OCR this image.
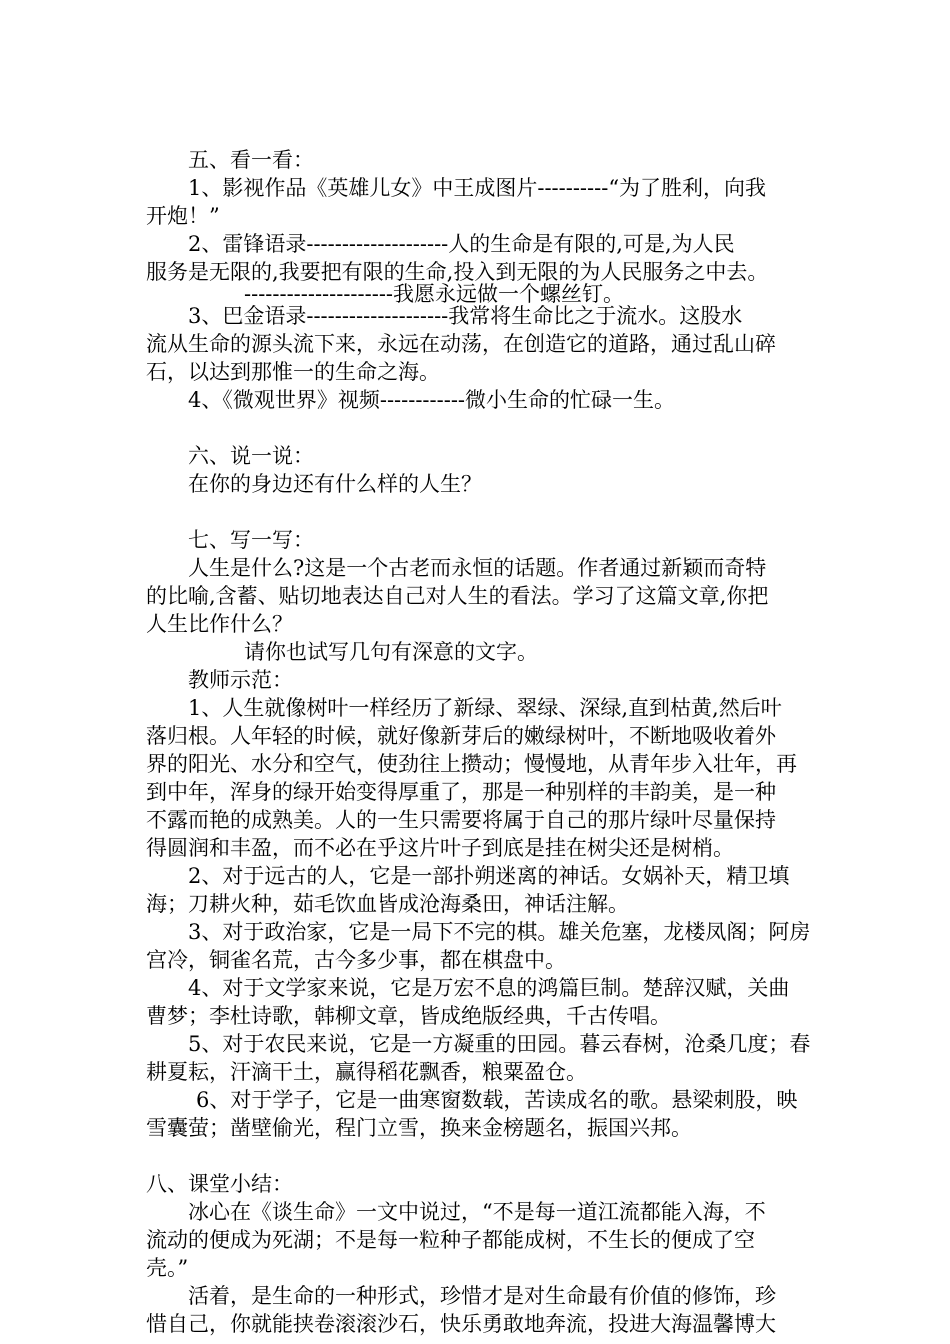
五、看一看：
1、影视作品《英雄儿女》中王成图片----------“为了胜利，向我
开炮！”
2、雷锋语录--------------------人的生命是有限的,可是,为人民
服务是无限的,我要把有限的生命,投入到无限的为人民服务之中去。
---------------------我愿永远做一个螺丝钉。
3、巴金语录--------------------我常将生命比之于流水。这股水
流从生命的源头流下来，永远在动荡，在创造它的道路，通过乱山碎
石，以达到那惟一的生命之海。
4、《微观世界》视频------------微小生命的忙碌一生。
六、说一说：
在你的身边还有什么样的人生？
七、写一写：
人生是什么?这是一个古老而永恒的话题。作者通过新颖而奇特
的比喻,含蓄、贴切地表达自己对人生的看法。学习了这篇文章,你把
人生比作什么？
请你也试写几句有深意的文字。
教师示范：
1、人生就像树叶一样经历了新绿、翠绿、深绿,直到枯黄,然后叶
落归根。人年轻的时候，就好像新芽后的嫩绿树叶，不断地吸收着外
界的阳光、水分和空气，使劲往上攒动；慢慢地，从青年步入壮年，再
到中年，浑身的绿开始变得厚重了，那是一种别样的丰韵美，是一种
不露而艳的成熟美。人的一生只需要将属于自己的那片绿叶尽量保持
得圆润和丰盈，而不必在乎这片叶子到底是挂在树尖还是树梢。
2、对于远古的人，它是一部扑朔迷离的神话。女娲补天，精卫填
海；刀耕火种，茹毛饮血皆成沧海桑田，神话注解。
3、对于政治家，它是一局下不完的棋。雄关危塞，龙楼凤阁；阿房
宫冷，铜雀名荒，古今多少事，都在棋盘中。
4、对于文学家来说，它是万宏不息的鸿篇巨制。楚辞汉赋，关曲
曹梦；李杜诗歌，韩柳文章，皆成绝版经典，千古传唱。
5、对于农民来说，它是一方凝重的田园。暮云春树，沧桑几度；春
耕夏耘，汗滴干土，赢得稻花飘香，粮粟盈仓。
6、对于学子，它是一曲寒窗数载，苦读成名的歌。悬梁刺股，映
雪囊萤；凿壁偷光，程门立雪，换来金榜题名，振国兴邦。
八、课堂小结：
冰心在《谈生命》一文中说过，“不是每一道江流都能入海，不
流动的便成为死湖；不是每一粒种子都能成树，不生长的便成了空
壳。”
活着，是生命的一种形式，珍惜才是对生命最有价值的修饰，珍
惜自己，你就能挟卷滚滚沙石，快乐勇敢地奔流，投进大海温馨博大
